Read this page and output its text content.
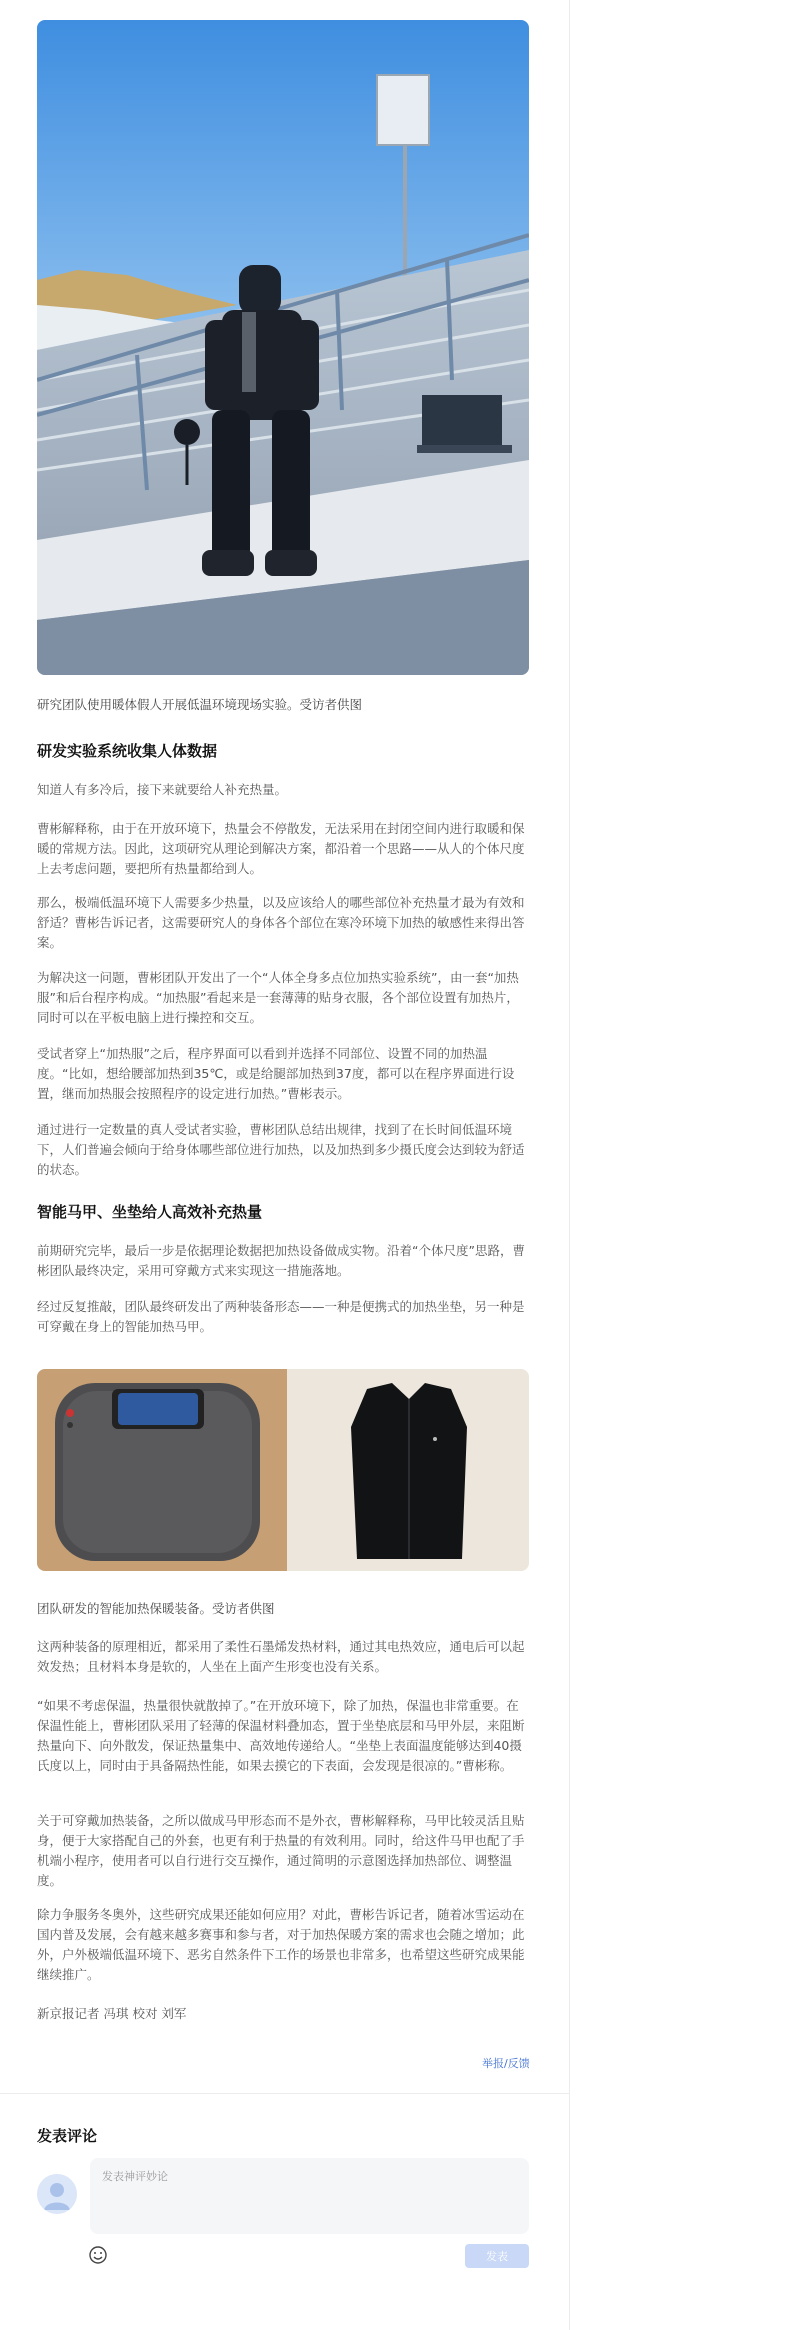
研究团队使用暖体假人开展低温环境现场实验。受访者供图

研发实验系统收集人体数据

知道人有多冷后，接下来就要给人补充热量。

曹彬解释称，由于在开放环境下，热量会不停散发，无法采用在封闭空间内进行取暖和保暖的常规方法。因此，这项研究从理论到解决方案，都沿着一个思路——从人的个体尺度上去考虑问题，要把所有热量都给到人。

那么，极端低温环境下人需要多少热量，以及应该给人的哪些部位补充热量才最为有效和舒适？曹彬告诉记者，这需要研究人的身体各个部位在寒冷环境下加热的敏感性来得出答案。

为解决这一问题，曹彬团队开发出了一个“人体全身多点位加热实验系统”，由一套“加热服”和后台程序构成。“加热服”看起来是一套薄薄的贴身衣服，各个部位设置有加热片，同时可以在平板电脑上进行操控和交互。

受试者穿上“加热服”之后，程序界面可以看到并选择不同部位、设置不同的加热温度。“比如，想给腰部加热到35℃，或是给腿部加热到37度，都可以在程序界面进行设置，继而加热服会按照程序的设定进行加热。”曹彬表示。

通过进行一定数量的真人受试者实验，曹彬团队总结出规律，找到了在长时间低温环境下，人们普遍会倾向于给身体哪些部位进行加热，以及加热到多少摄氏度会达到较为舒适的状态。

智能马甲、坐垫给人高效补充热量

前期研究完毕，最后一步是依据理论数据把加热设备做成实物。沿着“个体尺度”思路，曹彬团队最终决定，采用可穿戴方式来实现这一措施落地。

经过反复推敲，团队最终研发出了两种装备形态——一种是便携式的加热坐垫，另一种是可穿戴在身上的智能加热马甲。

团队研发的智能加热保暖装备。受访者供图

这两种装备的原理相近，都采用了柔性石墨烯发热材料，通过其电热效应，通电后可以起效发热；且材料本身是软的，人坐在上面产生形变也没有关系。

“如果不考虑保温，热量很快就散掉了。”在开放环境下，除了加热，保温也非常重要。在保温性能上，曹彬团队采用了轻薄的保温材料叠加态，置于坐垫底层和马甲外层，来阻断热量向下、向外散发，保证热量集中、高效地传递给人。“坐垫上表面温度能够达到40摄氏度以上，同时由于具备隔热性能，如果去摸它的下表面，会发现是很凉的。”曹彬称。

关于可穿戴加热装备，之所以做成马甲形态而不是外衣，曹彬解释称，马甲比较灵活且贴身，便于大家搭配自己的外套，也更有利于热量的有效利用。同时，给这件马甲也配了手机端小程序，使用者可以自行进行交互操作，通过简明的示意图选择加热部位、调整温度。

除力争服务冬奥外，这些研究成果还能如何应用？对此，曹彬告诉记者，随着冰雪运动在国内普及发展，会有越来越多赛事和参与者，对于加热保暖方案的需求也会随之增加；此外，户外极端低温环境下、恶劣自然条件下工作的场景也非常多，也希望这些研究成果能继续推广。

新京报记者 冯琪 校对 刘军

举报/反馈
发表评论
发表神评妙论
发表
